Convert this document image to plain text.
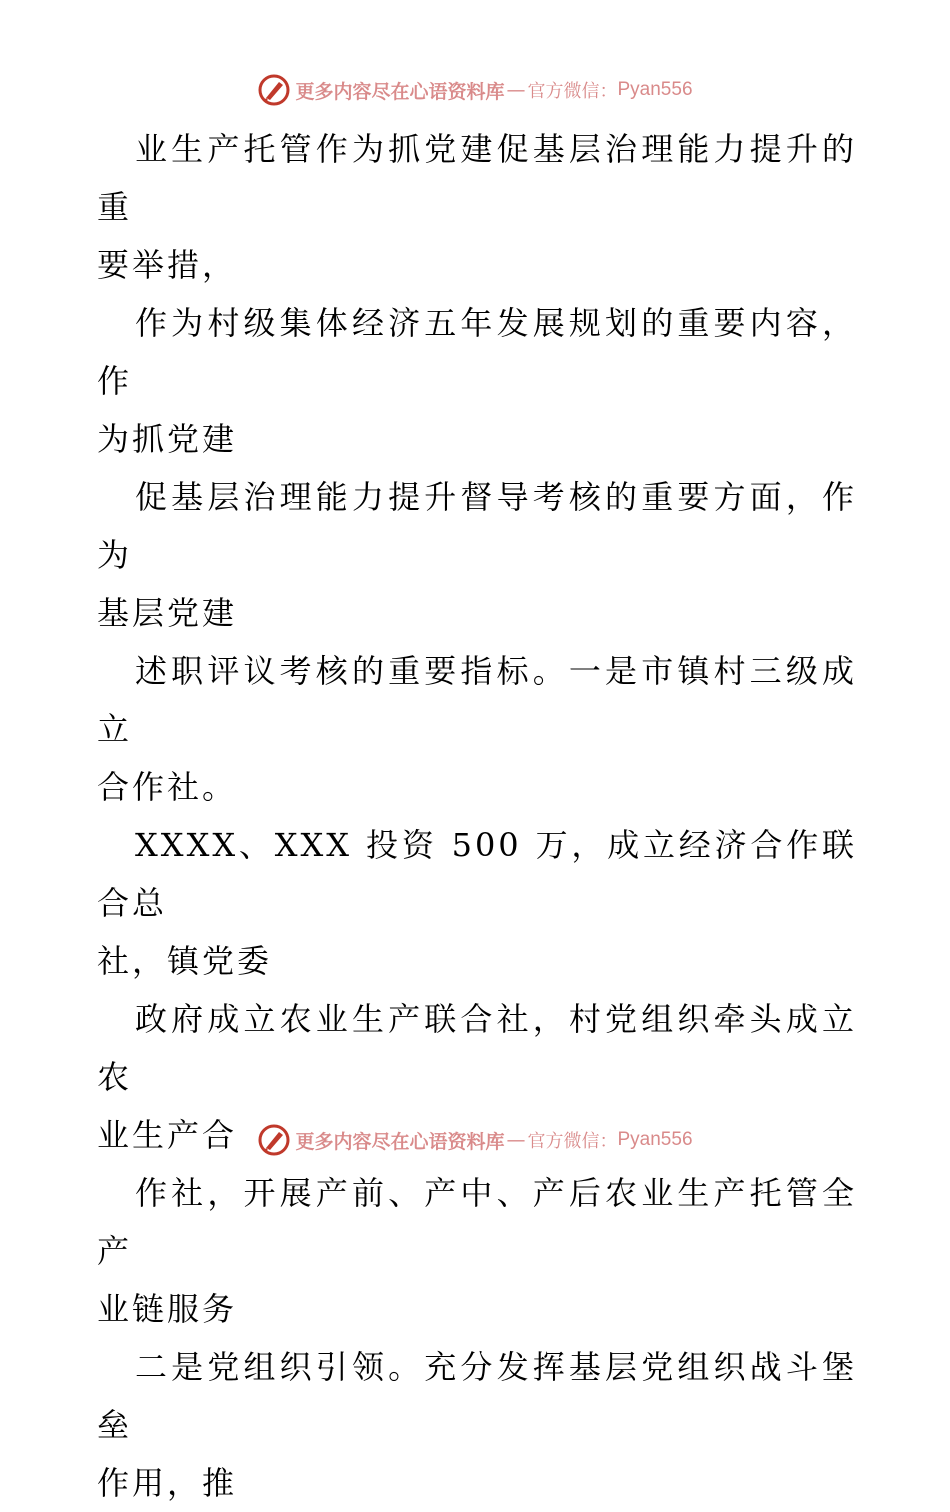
更多内容尽在心语资料库 — 官方微信： Pyan556

业生产托管作为抓党建促基层治理能力提升的重
要举措，

作为村级集体经济五年发展规划的重要内容，作
为抓党建

促基层治理能力提升督导考核的重要方面，作为
基层党建

述职评议考核的重要指标。一是市镇村三级成立
合作社。

XXXX、XXX 投资 500 万，成立经济合作联合总
社，镇党委

政府成立农业生产联合社，村党组织牵头成立农
业生产合

作社，开展产前、产中、产后农业生产托管全产
业链服务

二是党组织引领。充分发挥基层党组织战斗堡垒
作用，推

更多内容尽在心语资料库 — 官方微信： Pyan556
